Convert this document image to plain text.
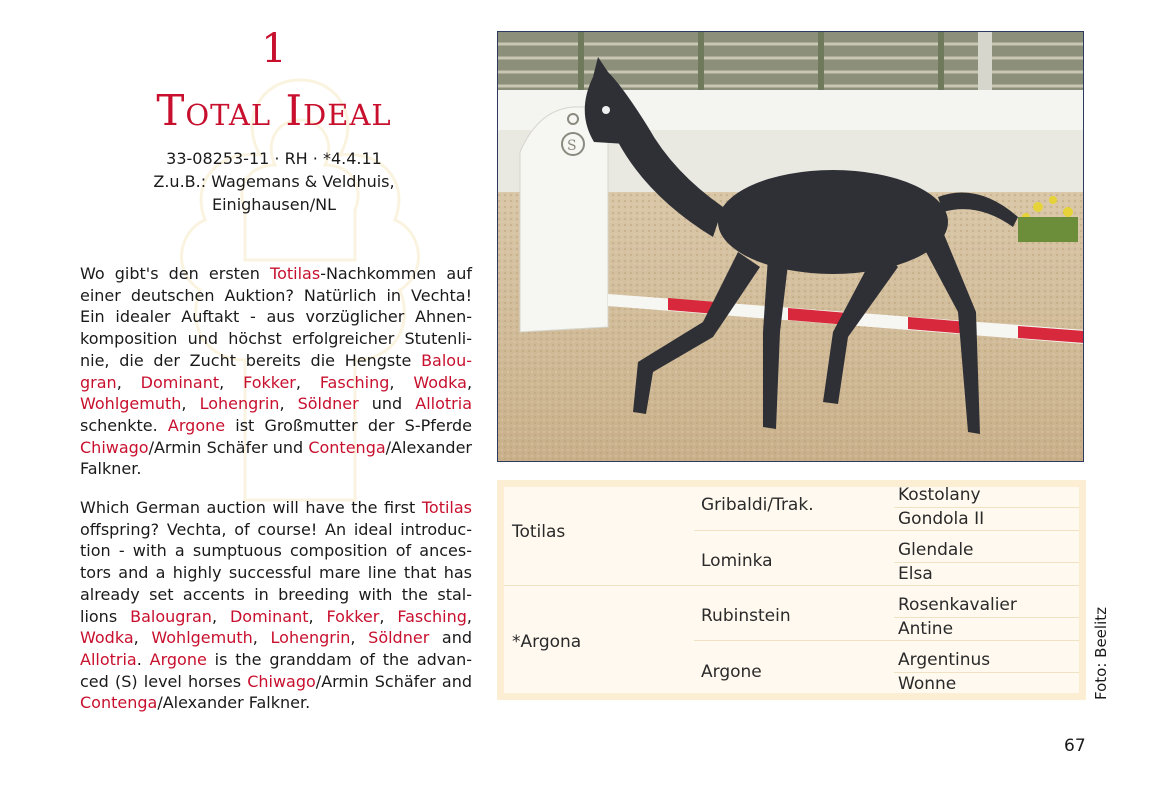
1
Total Ideal
33-08253-11 · RH · *4.4.11
Z.u.B.: Wagemans & Veldhuis,
Einighausen/NL
Wo gibt's den ersten Totilas-Nachkommen auf einer deutschen Auktion? Natürlich in Vechta! Ein idealer Auftakt - aus vorzüglicher Ahnenkomposition und höchst erfolgreicher Stutenlinie, die der Zucht bereits die Hengste Balougran, Dominant, Fokker, Fasching, Wodka, Wohlgemuth, Lohengrin, Söldner und Allotria schenkte. Argone ist Großmutter der S-Pferde Chiwago/Armin Schäfer und Contenga/Alexander Falkner.
Which German auction will have the first Totilas offspring? Vechta, of course! An ideal introduction - with a sumptuous composition of ancestors and a highly successful mare line that has already set accents in breeding with the stallions Balougran, Dominant, Fokker, Fasching, Wodka, Wohlgemuth, Lohengrin, Söldner and Allotria. Argone is the granddam of the advanced (S) level horses Chiwago/Armin Schäfer and Contenga/Alexander Falkner.
S
Totilas
*Argona
Gribaldi/Trak.
Lominka
Rubinstein
Argone
Kostolany
Gondola II
Glendale
Elsa
Rosenkavalier
Antine
Argentinus
Wonne	Foto: Beelitz
67
